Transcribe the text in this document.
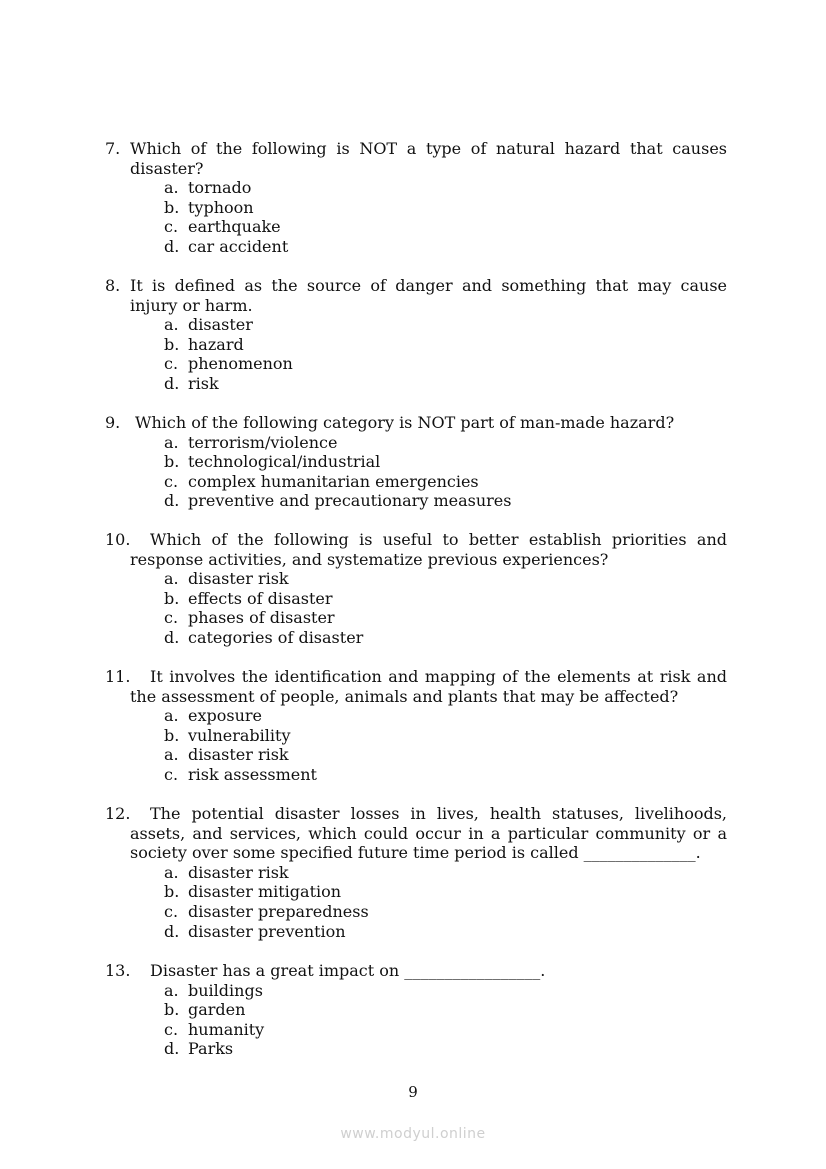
7. Which of the following is NOT a type of natural hazard that causes disaster?
a. tornado
b. typhoon
c. earthquake
d. car accident
8. It is defined as the source of danger and something that may cause injury or harm.
a. disaster
b. hazard
c. phenomenon
d. risk
9. Which of the following category is NOT part of man-made hazard?
a. terrorism/violence
b. technological/industrial
c. complex humanitarian emergencies
d. preventive and precautionary measures
10.	Which of the following is useful to better establish priorities and response activities, and systematize previous experiences?
a. disaster risk
b. effects of disaster
c. phases of disaster
d. categories of disaster
11.	It involves the identification and mapping of the elements at risk and the assessment of people, animals and plants that may be affected?
a. exposure
b. vulnerability
a. disaster risk
c. risk assessment
12.	The potential disaster losses in lives, health statuses, livelihoods, assets, and services, which could occur in a particular community or a society over some specified future time period is called ______________.
a. disaster risk
b. disaster mitigation
c. disaster preparedness
d. disaster prevention
13.	Disaster has a great impact on _________________.
a. buildings
b. garden
c. humanity
d. Parks
9
www.modyul.online
